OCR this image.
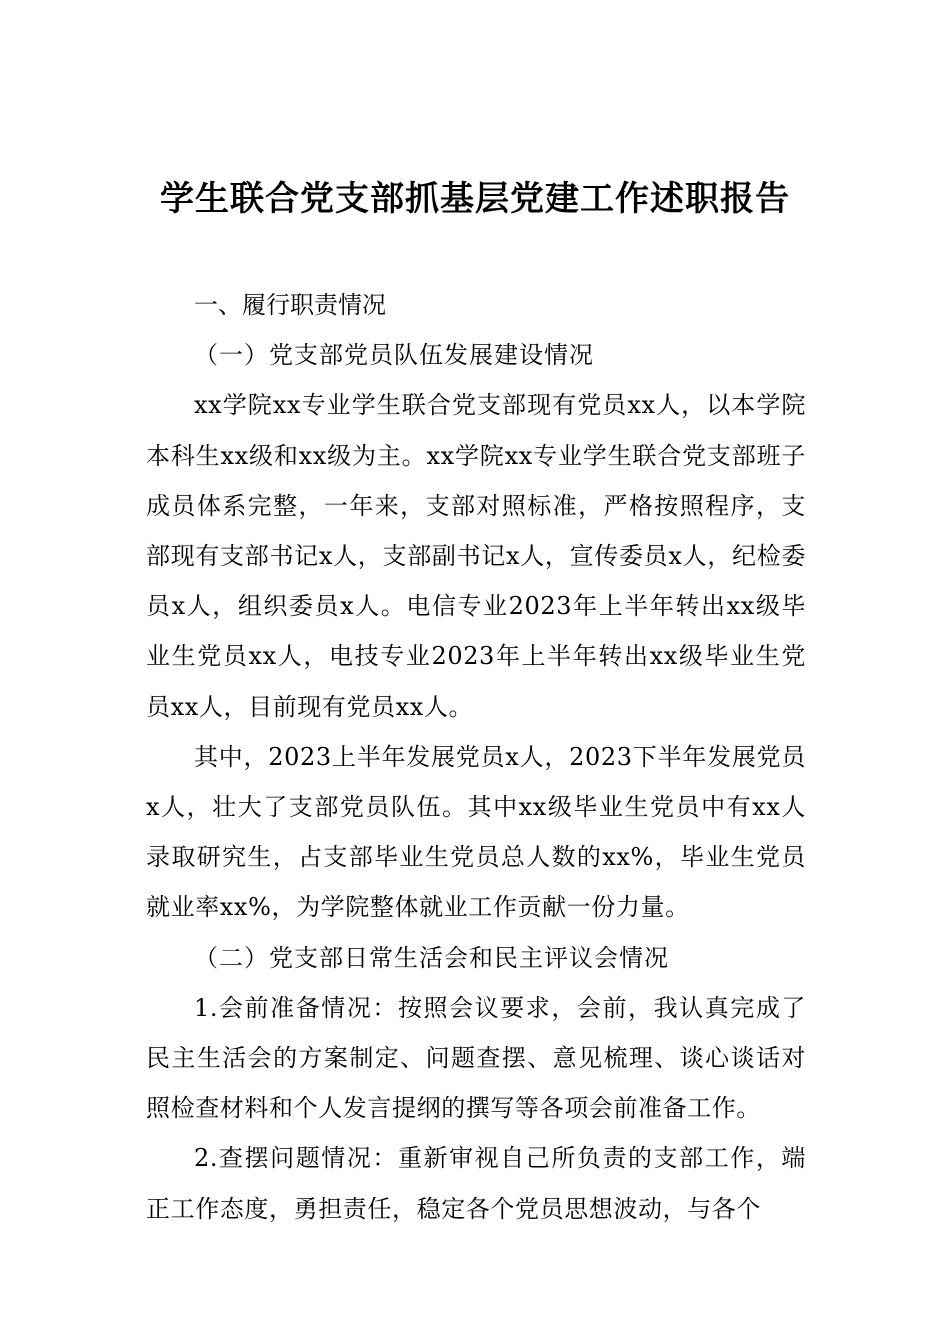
学生联合党支部抓基层党建工作述职报告
一、履行职责情况
（一）党支部党员队伍发展建设情况

xx学院xx专业学生联合党支部现有党员xx人，以本学院本科生xx级和xx级为主。xx学院xx专业学生联合党支部班子成员体系完整，一年来，支部对照标准，严格按照程序，支部现有支部书记x人，支部副书记x人，宣传委员x人，纪检委员x人，组织委员x人。电信专业2023年上半年转出xx级毕业生党员xx人，电技专业2023年上半年转出xx级毕业生党员xx人，目前现有党员xx人。

其中，2023上半年发展党员x人，2023下半年发展党员x人，壮大了支部党员队伍。其中xx级毕业生党员中有xx人录取研究生，占支部毕业生党员总人数的xx%，毕业生党员就业率xx%，为学院整体就业工作贡献一份力量。

（二）党支部日常生活会和民主评议会情况

1.会前准备情况：按照会议要求，会前，我认真完成了民主生活会的方案制定、问题查摆、意见梳理、谈心谈话对照检查材料和个人发言提纲的撰写等各项会前准备工作。

2.查摆问题情况：重新审视自己所负责的支部工作，端正工作态度，勇担责任，稳定各个党员思想波动，与各个
